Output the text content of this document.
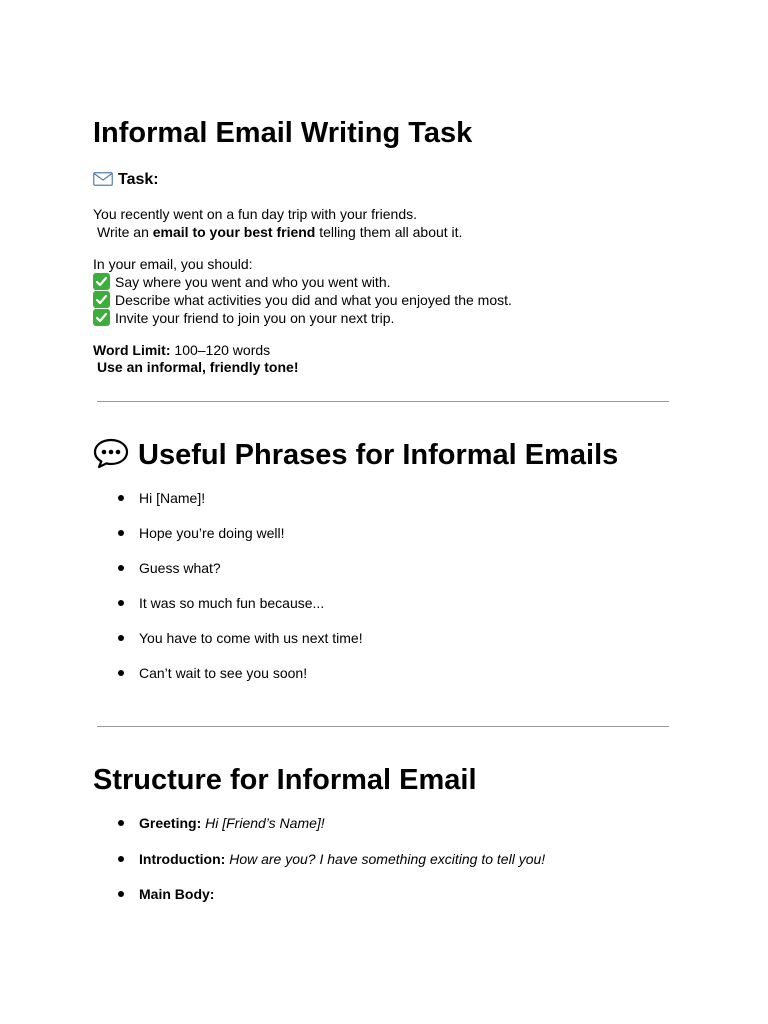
Informal Email Writing Task
Task:
You recently went on a fun day trip with your friends.
Write an email to your best friend telling them all about it.
In your email, you should:
Say where you went and who you went with.
Describe what activities you did and what you enjoyed the most.
Invite your friend to join you on your next trip.
Word Limit: 100–120 words
Use an informal, friendly tone!
Useful Phrases for Informal Emails
Hi [Name]!
Hope you’re doing well!
Guess what?
It was so much fun because...
You have to come with us next time!
Can’t wait to see you soon!
Structure for Informal Email
Greeting: Hi [Friend’s Name]!
Introduction: How are you? I have something exciting to tell you!
Main Body:
